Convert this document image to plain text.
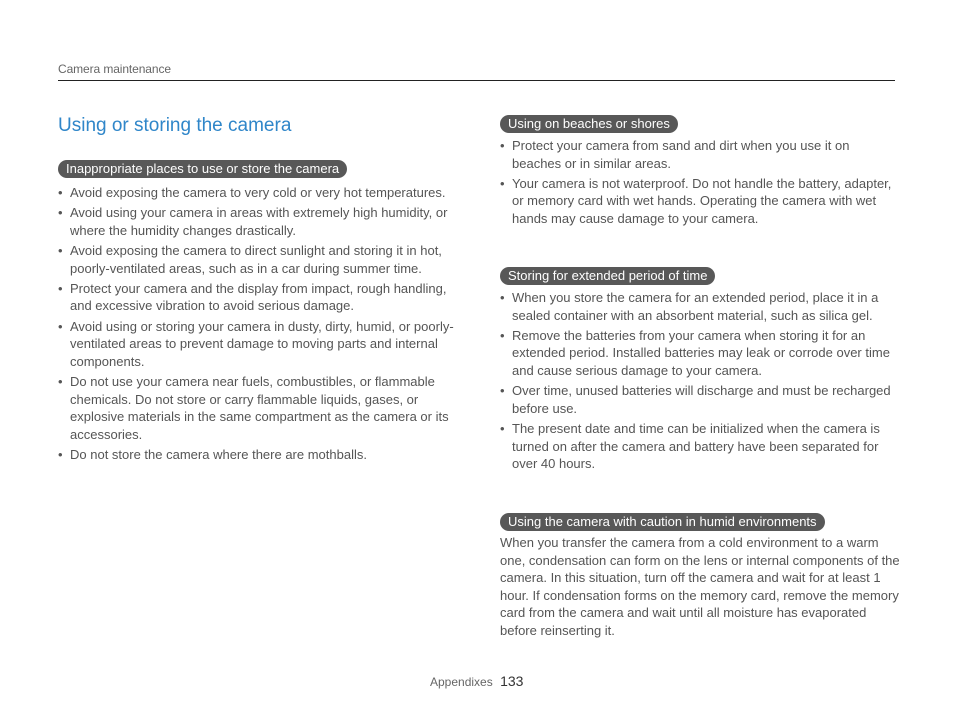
Camera maintenance
Using or storing the camera
Inappropriate places to use or store the camera
• Avoid exposing the camera to very cold or very hot temperatures.
• Avoid using your camera in areas with extremely high humidity, or where the humidity changes drastically.
• Avoid exposing the camera to direct sunlight and storing it in hot, poorly-ventilated areas, such as in a car during summer time.
• Protect your camera and the display from impact, rough handling, and excessive vibration to avoid serious damage.
• Avoid using or storing your camera in dusty, dirty, humid, or poorly-ventilated areas to prevent damage to moving parts and internal components.
• Do not use your camera near fuels, combustibles, or flammable chemicals. Do not store or carry flammable liquids, gases, or explosive materials in the same compartment as the camera or its accessories.
• Do not store the camera where there are mothballs.
Using on beaches or shores
• Protect your camera from sand and dirt when you use it on beaches or in similar areas.
• Your camera is not waterproof. Do not handle the battery, adapter, or memory card with wet hands. Operating the camera with wet hands may cause damage to your camera.
Storing for extended period of time
• When you store the camera for an extended period, place it in a sealed container with an absorbent material, such as silica gel.
• Remove the batteries from your camera when storing it for an extended period. Installed batteries may leak or corrode over time and cause serious damage to your camera.
• Over time, unused batteries will discharge and must be recharged before use.
• The present date and time can be initialized when the camera is turned on after the camera and battery have been separated for over 40 hours.
Using the camera with caution in humid environments

When you transfer the camera from a cold environment to a warm one, condensation can form on the lens or internal components of the camera. In this situation, turn off the camera and wait for at least 1 hour. If condensation forms on the memory card, remove the memory card from the camera and wait until all moisture has evaporated before reinserting it.

Appendixes 133
